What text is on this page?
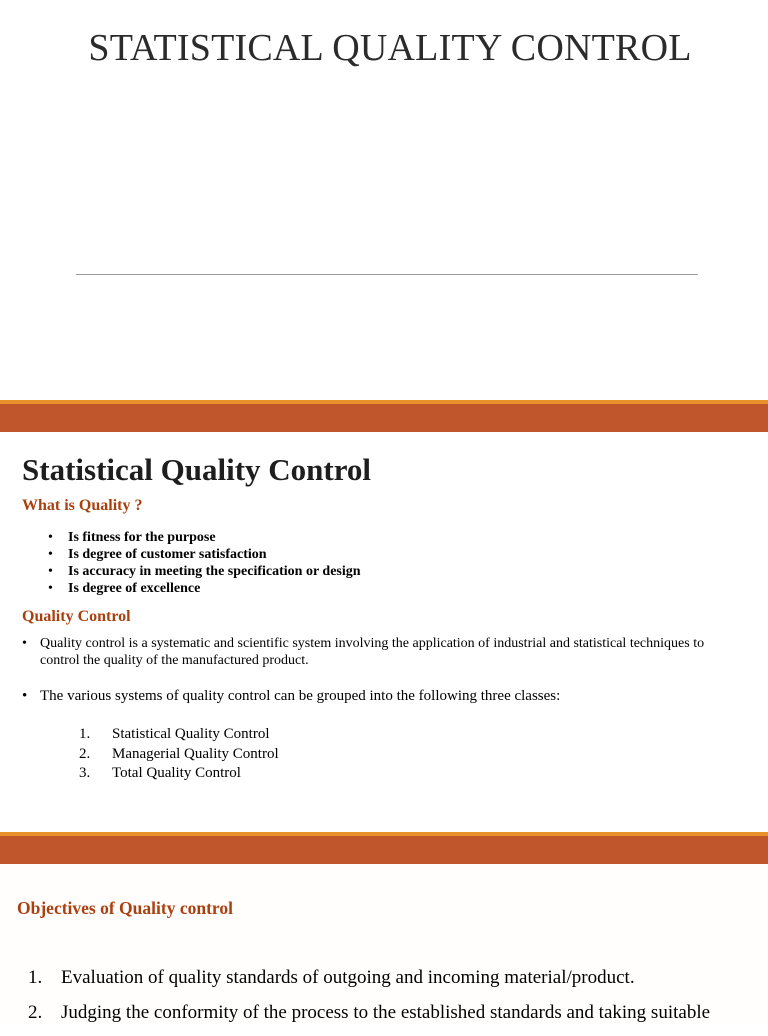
STATISTICAL QUALITY CONTROL
Statistical Quality Control
What is Quality ?
• Is fitness for the purpose
• Is degree of customer satisfaction
• Is accuracy in meeting the specification or design
• Is degree of excellence
Quality Control
• Quality control is a systematic and scientific system involving the application of industrial and statistical techniques to
control the quality of the manufactured product.
• The various systems of quality control can be grouped into the following three classes:
1.	Statistical Quality Control
2.	Managerial Quality Control
3.	Total Quality Control
Objectives of Quality control
1. Evaluation of quality standards of outgoing and incoming material/product.
2. Judging the conformity of the process to the established standards and taking suitable
